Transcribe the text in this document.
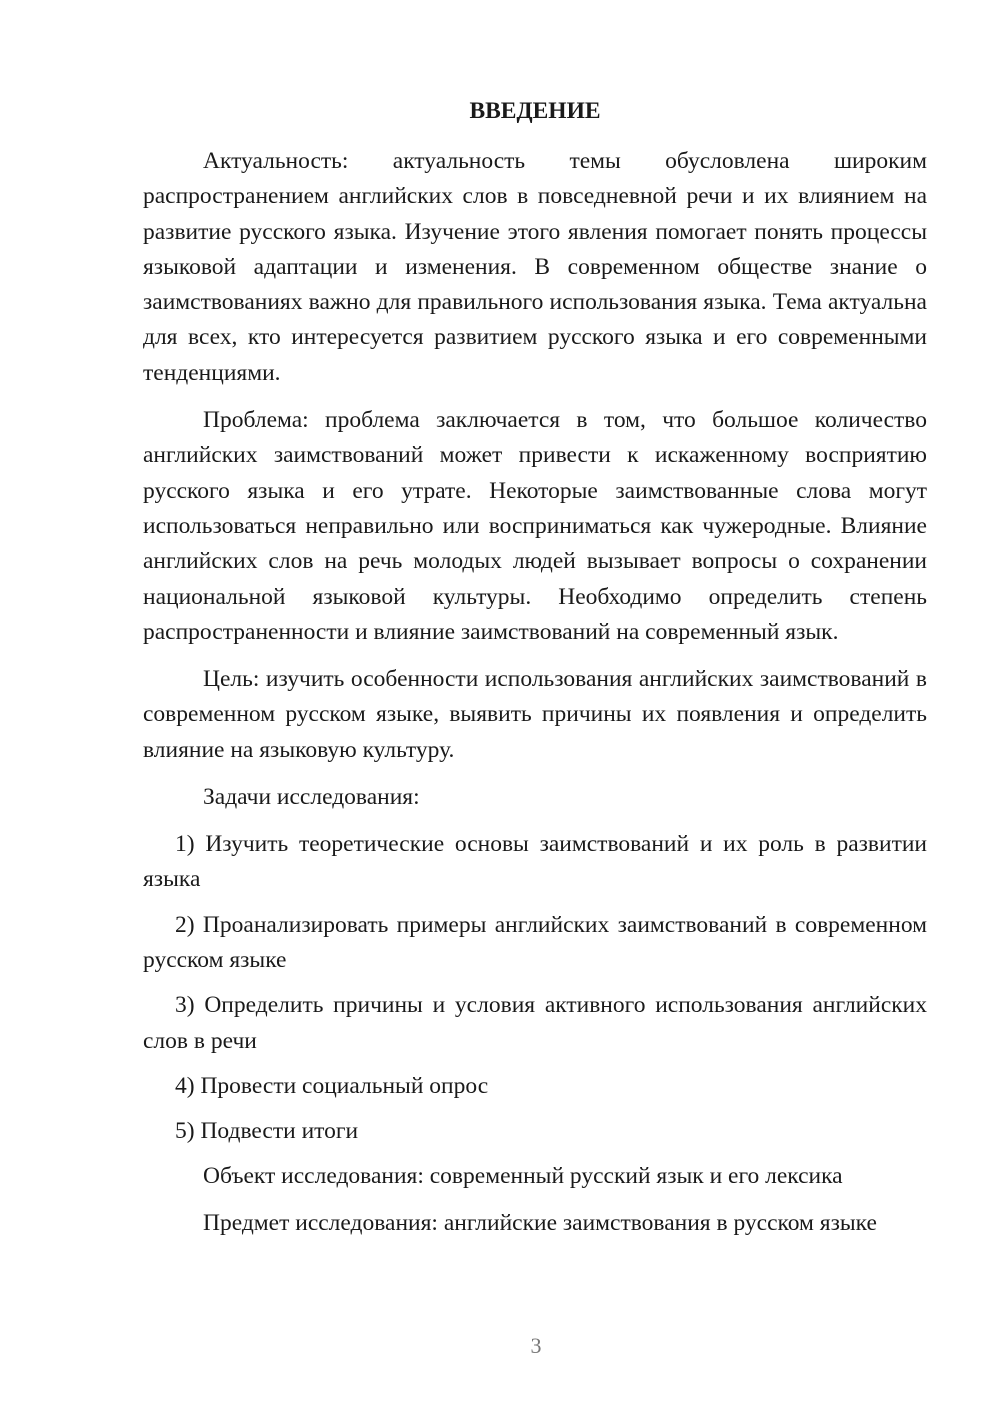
ВВЕДЕНИЕ

Актуальность: актуальность темы обусловлена широким распространением английских слов в повседневной речи и их влиянием на развитие русского языка. Изучение этого явления помогает понять процессы языковой адаптации и изменения. В современном обществе знание о заимствованиях важно для правильного использования языка. Тема актуальна для всех, кто интересуется развитием русского языка и его современными тенденциями.

Проблема: проблема заключается в том, что большое количество английских заимствований может привести к искаженному восприятию русского языка и его утрате. Некоторые заимствованные слова могут использоваться неправильно или восприниматься как чужеродные. Влияние английских слов на речь молодых людей вызывает вопросы о сохранении национальной языковой культуры. Необходимо определить степень распространенности и влияние заимствований на современный язык.

Цель: изучить особенности использования английских заимствований в современном русском языке, выявить причины их появления и определить влияние на языковую культуру.

Задачи исследования:

1) Изучить теоретические основы заимствований и их роль в развитии языка

2) Проанализировать примеры английских заимствований в современном русском языке

3) Определить причины и условия активного использования английских слов в речи

4) Провести социальный опрос

5) Подвести итоги

Объект исследования: современный русский язык и его лексика

Предмет исследования: английские заимствования в русском языке

3
